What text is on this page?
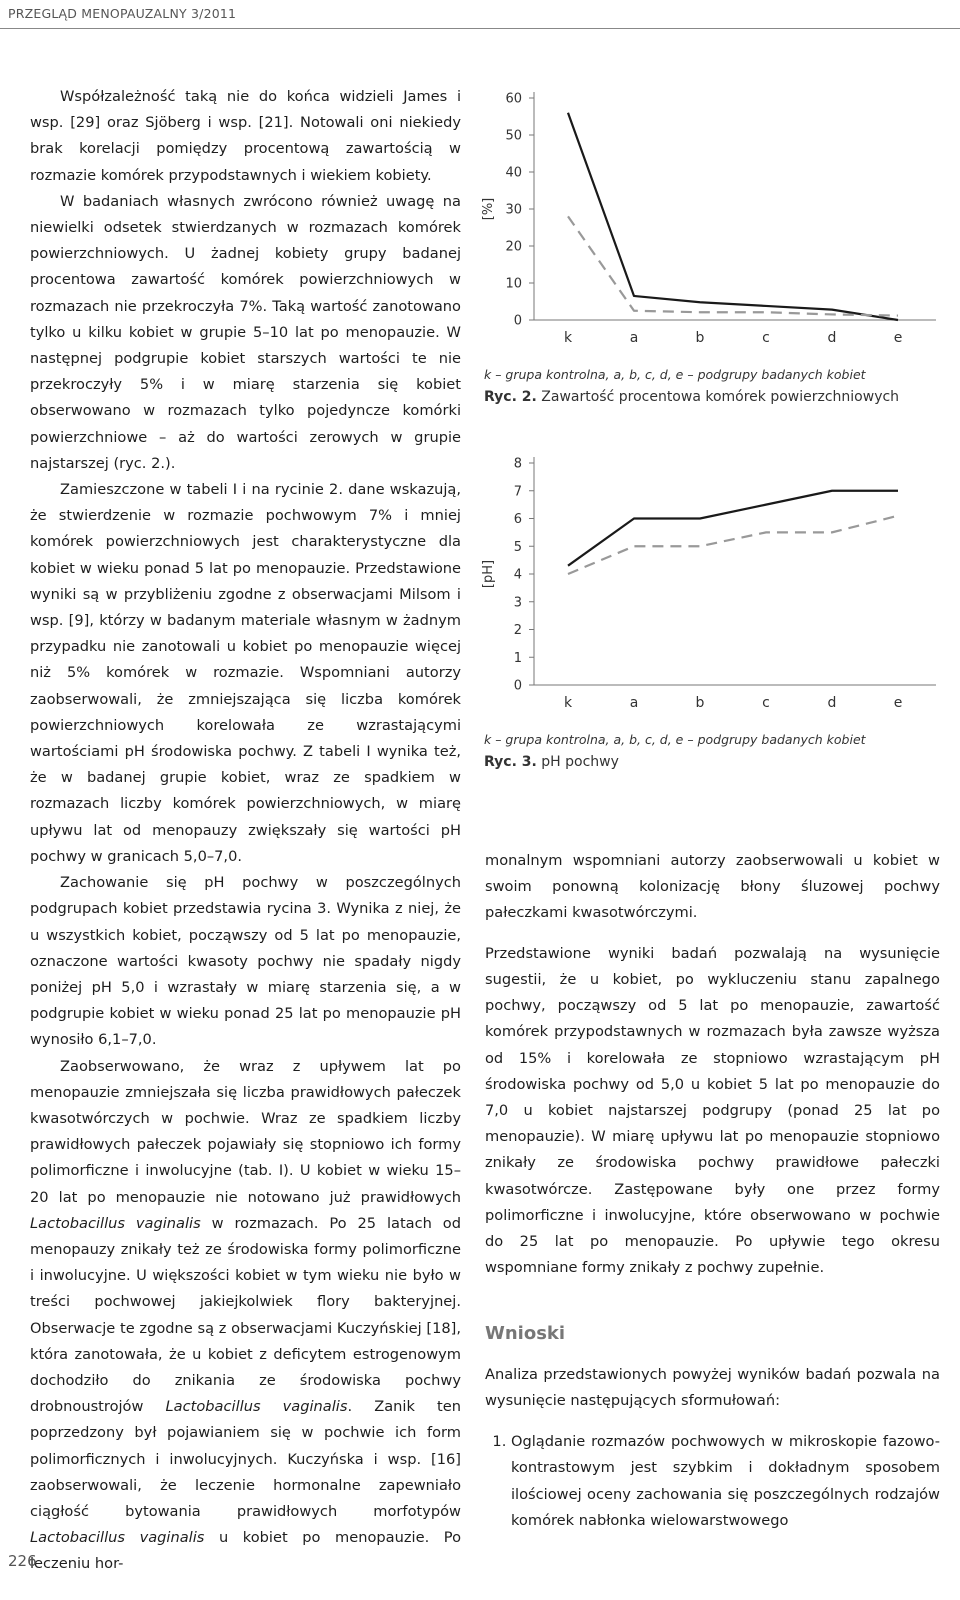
PRZEGLĄD MENOPAUZALNY 3/2011

Współzależność taką nie do końca widzieli James i wsp. [29] oraz Sjöberg i wsp. [21]. Notowali oni niekiedy brak korelacji pomiędzy procentową zawartością w rozmazie komórek przypodstawnych i wiekiem kobiety.

W badaniach własnych zwrócono również uwagę na niewielki odsetek stwierdzanych w rozmazach komórek powierzchniowych. U żadnej kobiety grupy badanej procentowa zawartość komórek powierzchniowych w rozmazach nie przekroczyła 7%. Taką wartość zanotowano tylko u kilku kobiet w grupie 5–10 lat po menopauzie. W następnej podgrupie kobiet starszych wartości te nie przekroczyły 5% i w miarę starzenia się kobiet obserwowano w rozmazach tylko pojedyncze komórki powierzchniowe – aż do wartości zerowych w grupie najstarszej (ryc. 2.).

Zamieszczone w tabeli I i na rycinie 2. dane wskazują, że stwierdzenie w rozmazie pochwowym 7% i mniej komórek powierzchniowych jest charakterystyczne dla kobiet w wieku ponad 5 lat po menopauzie. Przedstawione wyniki są w przybliżeniu zgodne z obserwacjami Milsom i wsp. [9], którzy w badanym materiale własnym w żadnym przypadku nie zanotowali u kobiet po menopauzie więcej niż 5% komórek w rozmazie. Wspomniani autorzy zaobserwowali, że zmniejszająca się liczba komórek powierzchniowych korelowała ze wzrastającymi wartościami pH środowiska pochwy. Z tabeli I wynika też, że w badanej grupie kobiet, wraz ze spadkiem w rozmazach liczby komórek powierzchniowych, w miarę upływu lat od menopauzy zwiększały się wartości pH pochwy w granicach 5,0–7,0.

Zachowanie się pH pochwy w poszczególnych podgrupach kobiet przedstawia rycina 3. Wynika z niej, że u wszystkich kobiet, począwszy od 5 lat po menopauzie, oznaczone wartości kwasoty pochwy nie spadały nigdy poniżej pH 5,0 i wzrastały w miarę starzenia się, a w podgrupie kobiet w wieku ponad 25 lat po menopauzie pH wynosiło 6,1–7,0.

Zaobserwowano, że wraz z upływem lat po menopauzie zmniejszała się liczba prawidłowych pałeczek kwasotwórczych w pochwie. Wraz ze spadkiem liczby prawidłowych pałeczek pojawiały się stopniowo ich formy polimorficzne i inwolucyjne (tab. I). U kobiet w wieku 15–20 lat po menopauzie nie notowano już prawidłowych Lactobacillus vaginalis w rozmazach. Po 25 latach od menopauzy znikały też ze środowiska formy polimorficzne i inwolucyjne. U większości kobiet w tym wieku nie było w treści pochwowej jakiejkolwiek flory bakteryjnej. Obserwacje te zgodne są z obserwacjami Kuczyńskiej [18], która zanotowała, że u kobiet z deficytem estrogenowym dochodziło do znikania ze środowiska pochwy drobnoustrojów Lactobacillus vaginalis. Zanik ten poprzedzony był pojawianiem się w pochwie ich form polimorficznych i inwolucyjnych. Kuczyńska i wsp. [16] zaobserwowali, że leczenie hormonalne zapewniało ciągłość bytowania prawidłowych morfotypów Lactobacillus vaginalis u kobiet po menopauzie. Po leczeniu hor-

0
10
20
30
40
50
60
[%]
k	a	b	c	d	e
k – grupa kontrolna, a, b, c, d, e – podgrupy badanych kobiet
Ryc. 2. Zawartość procentowa komórek powierzchniowych
0
1
2
3
4
5
6
7
8
[pH]
k	a	b	c	d	e
k – grupa kontrolna, a, b, c, d, e – podgrupy badanych kobiet
Ryc. 3. pH pochwy

monalnym wspomniani autorzy zaobserwowali u kobiet w swoim ponowną kolonizację błony śluzowej pochwy pałeczkami kwasotwórczymi.

Przedstawione wyniki badań pozwalają na wysunięcie sugestii, że u kobiet, po wykluczeniu stanu zapalnego pochwy, począwszy od 5 lat po menopauzie, zawartość komórek przypodstawnych w rozmazach była zawsze wyższa od 15% i korelowała ze stopniowo wzrastającym pH środowiska pochwy od 5,0 u kobiet 5 lat po menopauzie do 7,0 u kobiet najstarszej podgrupy (ponad 25 lat po menopauzie). W miarę upływu lat po menopauzie stopniowo znikały ze środowiska pochwy prawidłowe pałeczki kwasotwórcze. Zastępowane były one przez formy polimorficzne i inwolucyjne, które obserwowano w pochwie do 25 lat po menopauzie. Po upływie tego okresu wspomniane formy znikały z pochwy zupełnie.

Wnioski

Analiza przedstawionych powyżej wyników badań pozwala na wysunięcie następujących sformułowań:

1. Oglądanie rozmazów pochwowych w mikroskopie fazowo-kontrastowym jest szybkim i dokładnym sposobem ilościowej oceny zachowania się poszczególnych rodzajów komórek nabłonka wielowarstwowego
226
